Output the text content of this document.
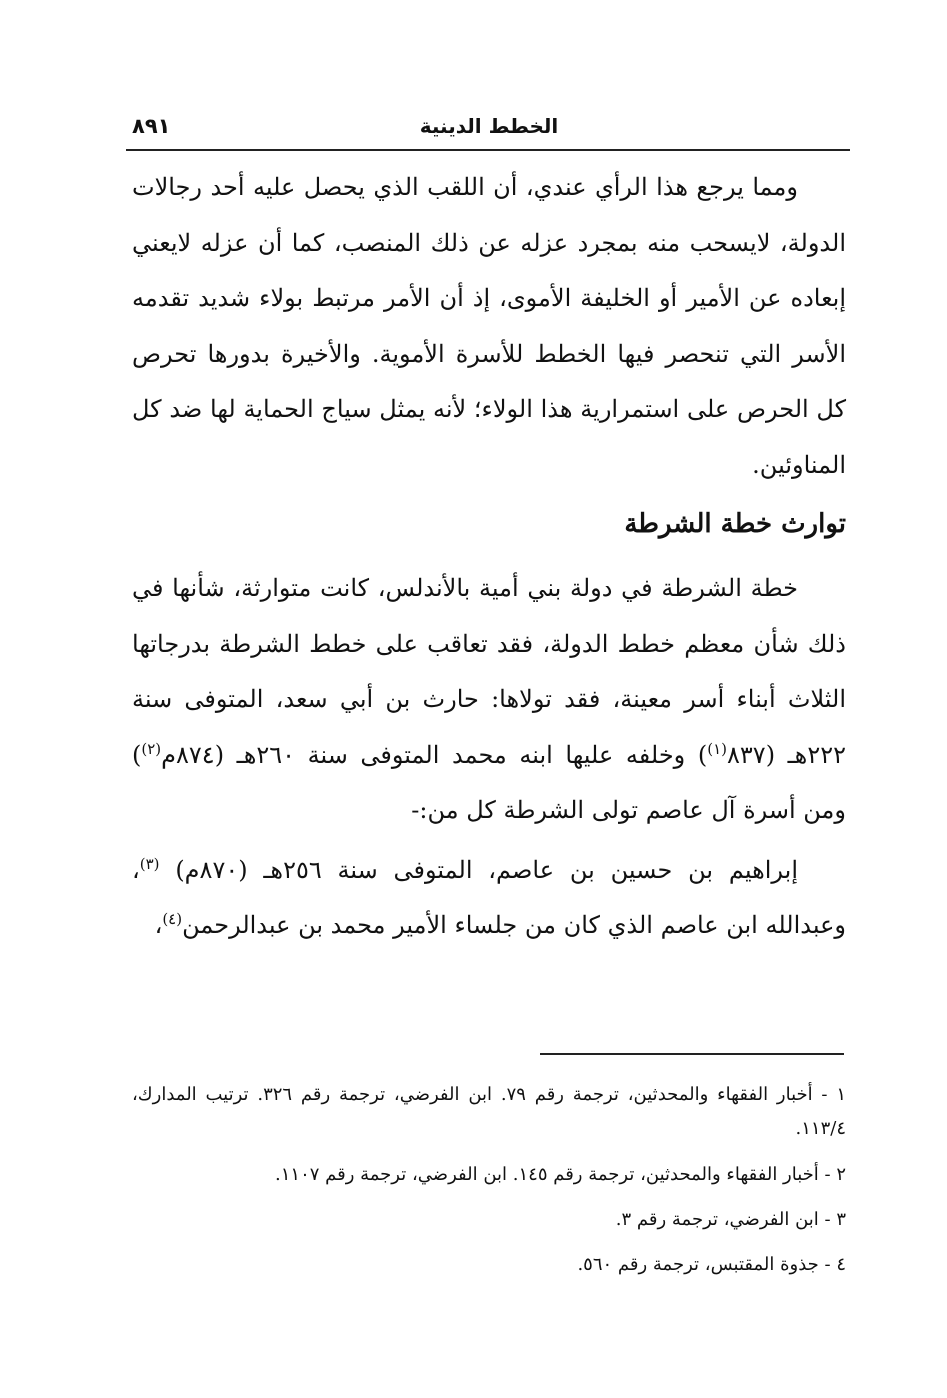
٨٩١	الخطط الدينية

ومما يرجع هذا الرأي عندي، أن اللقب الذي يحصل عليه أحد رجالات الدولة، لايسحب منه بمجرد عزله عن ذلك المنصب، كما أن عزله لايعني إبعاده عن الأمير أو الخليفة الأموى، إذ أن الأمر مرتبط بولاء شديد تقدمه الأسر التي تنحصر فيها الخطط للأسرة الأموية. والأخيرة بدورها تحرص كل الحرص على استمرارية هذا الولاء؛ لأنه يمثل سياج الحماية لها ضد كل المناوئين.

توارث خطة الشرطة

خطة الشرطة في دولة بني أمية بالأندلس، كانت متوارثة، شأنها في ذلك شأن معظم خطط الدولة، فقد تعاقب على خطط الشرطة بدرجاتها الثلاث أبناء أسر معينة، فقد تولاها: حارث بن أبي سعد، المتوفى سنة ٢٢٢هـ (٨٣٧$^{(١)}$) وخلفه عليها ابنه محمد المتوفى سنة ٢٦٠هـ (٨٧٤م$^{(٢)}$) ومن أسرة آل عاصم تولى الشرطة كل من:-

إبراهيم بن حسين بن عاصم، المتوفى سنة ٢٥٦هـ (٨٧٠م) $^{(٣)}$، وعبدالله ابن عاصم الذي كان من جلساء الأمير محمد بن عبدالرحمن$^{(٤)}$،

١ - أخبار الفقهاء والمحدثين، ترجمة رقم ٧٩. ابن الفرضي، ترجمة رقم ٣٢٦. ترتيب المدارك، ١١٣/٤.

٢ - أخبار الفقهاء والمحدثين، ترجمة رقم ١٤٥. ابن الفرضي، ترجمة رقم ١١٠٧.

٣ - ابن الفرضي، ترجمة رقم ٣.

٤ - جذوة المقتبس، ترجمة رقم ٥٦٠.
